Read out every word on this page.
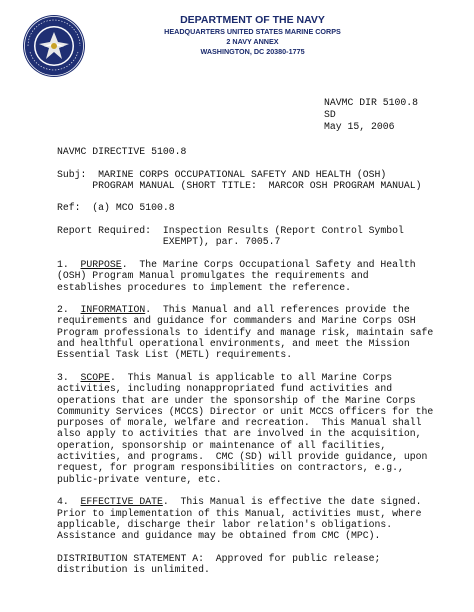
DEPARTMENT OF THE NAVY
HEADQUARTERS UNITED STATES MARINE CORPS
2 NAVY ANNEX
WASHINGTON, DC 20380-1775
NAVMC DIR 5100.8
SD
May 15, 2006

NAVMC DIRECTIVE 5100.8

Subj: MARINE CORPS OCCUPATIONAL SAFETY AND HEALTH (OSH)

PROGRAM MANUAL (SHORT TITLE:  MARCOR OSH PROGRAM MANUAL)

Ref: (a) MCO 5100.8

Report Required: Inspection Results (Report Control Symbol

EXEMPT), par. 7005.7

1. PURPOSE.  The Marine Corps Occupational Safety and Health

(OSH) Program Manual promulgates the requirements and

establishes procedures to implement the reference.

2. INFORMATION.  This Manual and all references provide the

requirements and guidance for commanders and Marine Corps OSH

Program professionals to identify and manage risk, maintain safe

and healthful operational environments, and meet the Mission

Essential Task List (METL) requirements.

3. SCOPE.  This Manual is applicable to all Marine Corps

activities, including nonappropriated fund activities and

operations that are under the sponsorship of the Marine Corps

Community Services (MCCS) Director or unit MCCS officers for the

purposes of morale, welfare and recreation.  This Manual shall

also apply to activities that are involved in the acquisition,

operation, sponsorship or maintenance of all facilities,

activities, and programs.  CMC (SD) will provide guidance, upon

request, for program responsibilities on contractors, e.g.,

public-private venture, etc.

4. EFFECTIVE DATE.  This Manual is effective the date signed.

Prior to implementation of this Manual, activities must, where

applicable, discharge their labor relation's obligations.

Assistance and guidance may be obtained from CMC (MPC).

DISTRIBUTION STATEMENT A:  Approved for public release;

distribution is unlimited.
